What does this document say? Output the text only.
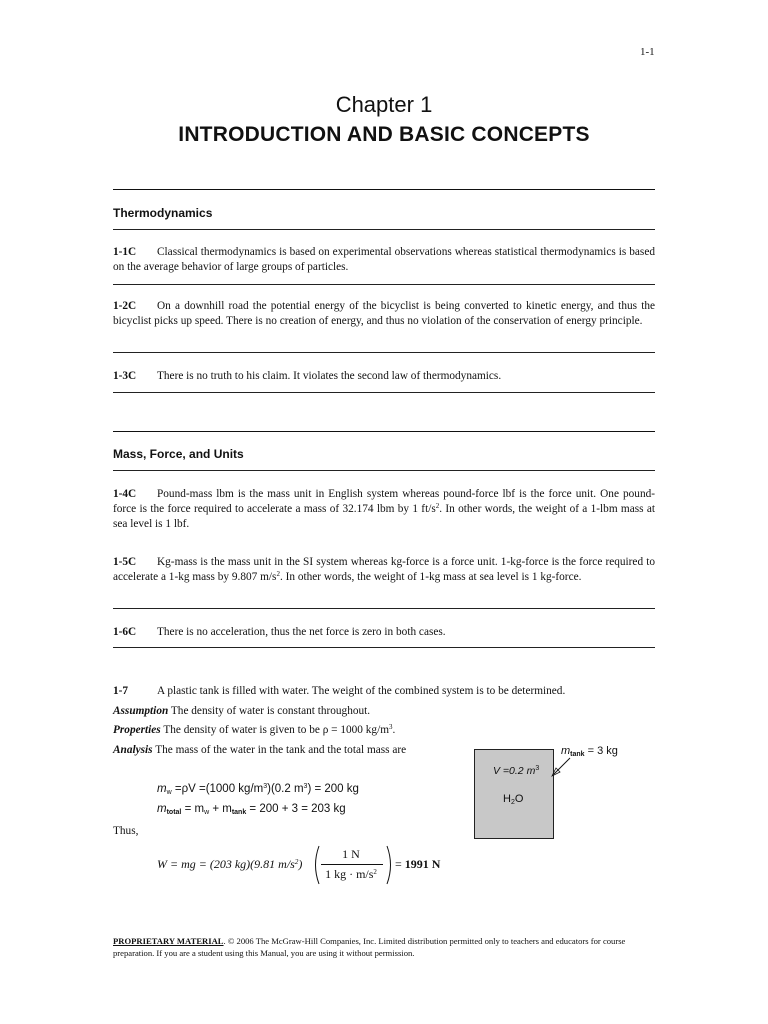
1-1
Chapter 1
INTRODUCTION AND BASIC CONCEPTS
Thermodynamics
1-1C Classical thermodynamics is based on experimental observations whereas statistical thermodynamics is based on the average behavior of large groups of particles.
1-2C On a downhill road the potential energy of the bicyclist is being converted to kinetic energy, and thus the bicyclist picks up speed. There is no creation of energy, and thus no violation of the conservation of energy principle.
1-3C There is no truth to his claim. It violates the second law of thermodynamics.
Mass, Force, and Units
1-4C Pound-mass lbm is the mass unit in English system whereas pound-force lbf is the force unit. One pound-force is the force required to accelerate a mass of 32.174 lbm by 1 $ft/s^2$. In other words, the weight of a 1-lbm mass at sea level is 1 lbf.
1-5C Kg-mass is the mass unit in the SI system whereas kg-force is a force unit. 1-kg-force is the force required to accelerate a 1-kg mass by 9.807 $m/s^2$. In other words, the weight of 1-kg mass at sea level is 1 kg-force.
1-6C There is no acceleration, thus the net force is zero in both cases.
1-7	A plastic tank is filled with water. The weight of the combined system is to be determined.
Assumption The density of water is constant throughout.
Properties The density of water is given to be ρ = 1000 $kg/m^3$.
Analysis The mass of the water in the tank and the total mass are
V =0.2 $m^3$
$H_2O$
$m_{tank} = 3$ kg
$m_w =\rho V =(1000$ $kg/m^3)(0.2$ $m^3) = 200$ kg
$m_{total} = m_w + m_{tank} = 200 + 3 = 203$ kg
Thus,
W = mg = (203 kg)(9.81 $m/s^2$)
1 N
1 kg · $m/s^2$
= 1991 N
PROPRIETARY MATERIAL. © 2006 The McGraw-Hill Companies, Inc. Limited distribution permitted only to teachers and educators for course preparation. If you are a student using this Manual, you are using it without permission.
